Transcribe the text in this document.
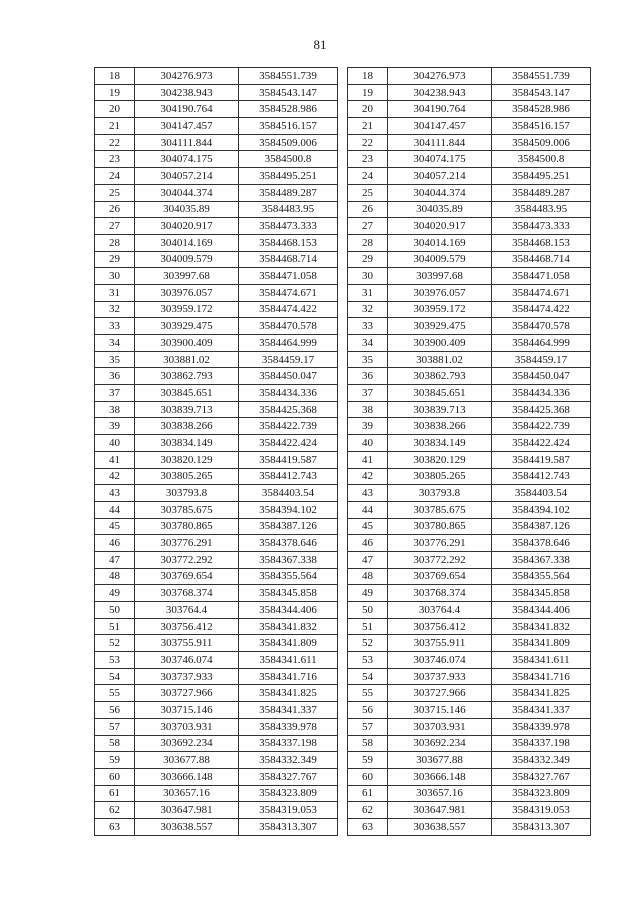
81
18	304276.973	3584551.739
19	304238.943	3584543.147
20	304190.764	3584528.986
21	304147.457	3584516.157
22	304111.844	3584509.006
23	304074.175	3584500.8
24	304057.214	3584495.251
25	304044.374	3584489.287
26	304035.89	3584483.95
27	304020.917	3584473.333
28	304014.169	3584468.153
29	304009.579	3584468.714
30	303997.68	3584471.058
31	303976.057	3584474.671
32	303959.172	3584474.422
33	303929.475	3584470.578
34	303900.409	3584464.999
35	303881.02	3584459.17
36	303862.793	3584450.047
37	303845.651	3584434.336
38	303839.713	3584425.368
39	303838.266	3584422.739
40	303834.149	3584422.424
41	303820.129	3584419.587
42	303805.265	3584412.743
43	303793.8	3584403.54
44	303785.675	3584394.102
45	303780.865	3584387.126
46	303776.291	3584378.646
47	303772.292	3584367.338
48	303769.654	3584355.564
49	303768.374	3584345.858
50	303764.4	3584344.406
51	303756.412	3584341.832
52	303755.911	3584341.809
53	303746.074	3584341.611
54	303737.933	3584341.716
55	303727.966	3584341.825
56	303715.146	3584341.337
57	303703.931	3584339.978
58	303692.234	3584337.198
59	303677.88	3584332.349
60	303666.148	3584327.767
61	303657.16	3584323.809
62	303647.981	3584319.053
63	303638.557	3584313.307
18	304276.973	3584551.739
19	304238.943	3584543.147
20	304190.764	3584528.986
21	304147.457	3584516.157
22	304111.844	3584509.006
23	304074.175	3584500.8
24	304057.214	3584495.251
25	304044.374	3584489.287
26	304035.89	3584483.95
27	304020.917	3584473.333
28	304014.169	3584468.153
29	304009.579	3584468.714
30	303997.68	3584471.058
31	303976.057	3584474.671
32	303959.172	3584474.422
33	303929.475	3584470.578
34	303900.409	3584464.999
35	303881.02	3584459.17
36	303862.793	3584450.047
37	303845.651	3584434.336
38	303839.713	3584425.368
39	303838.266	3584422.739
40	303834.149	3584422.424
41	303820.129	3584419.587
42	303805.265	3584412.743
43	303793.8	3584403.54
44	303785.675	3584394.102
45	303780.865	3584387.126
46	303776.291	3584378.646
47	303772.292	3584367.338
48	303769.654	3584355.564
49	303768.374	3584345.858
50	303764.4	3584344.406
51	303756.412	3584341.832
52	303755.911	3584341.809
53	303746.074	3584341.611
54	303737.933	3584341.716
55	303727.966	3584341.825
56	303715.146	3584341.337
57	303703.931	3584339.978
58	303692.234	3584337.198
59	303677.88	3584332.349
60	303666.148	3584327.767
61	303657.16	3584323.809
62	303647.981	3584319.053
63	303638.557	3584313.307
